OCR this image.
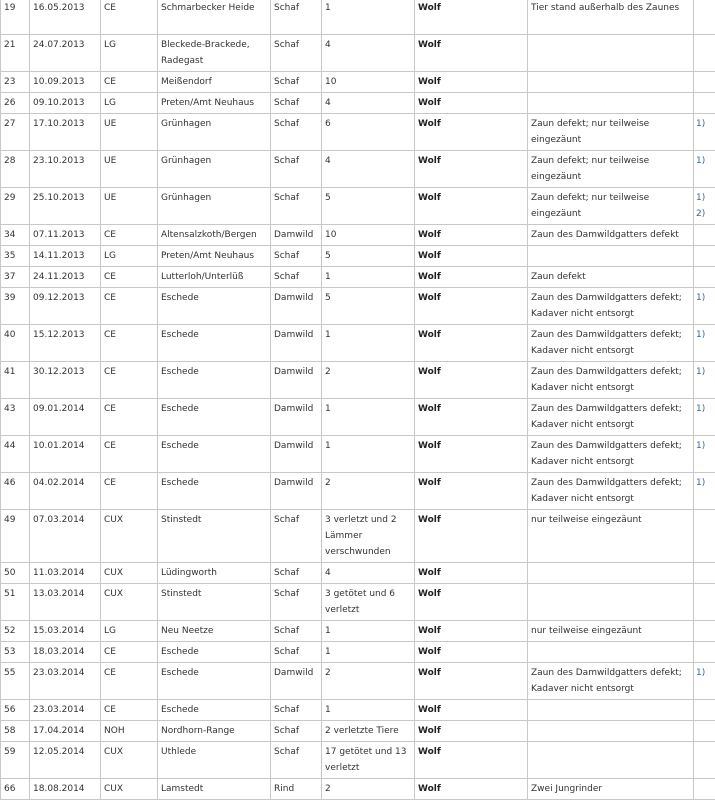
19	16.05.2013	CE	Schmarbecker Heide	Schaf	1	Wolf	Tier stand außerhalb des Zaunes	
21	24.07.2013	LG	Bleckede-Brackede, Radegast	Schaf	4	Wolf		
23	10.09.2013	CE	Meißendorf	Schaf	10	Wolf		
26	09.10.2013	LG	Preten/Amt Neuhaus	Schaf	4	Wolf		
27	17.10.2013	UE	Grünhagen	Schaf	6	Wolf	Zaun defekt; nur teilweise eingezäunt	1)
28	23.10.2013	UE	Grünhagen	Schaf	4	Wolf	Zaun defekt; nur teilweise eingezäunt	1)
29	25.10.2013	UE	Grünhagen	Schaf	5	Wolf	Zaun defekt; nur teilweise eingezäunt	1) 2)
34	07.11.2013	CE	Altensalzkoth/Bergen	Damwild	10	Wolf	Zaun des Damwildgatters defekt	
35	14.11.2013	LG	Preten/Amt Neuhaus	Schaf	5	Wolf		
37	24.11.2013	CE	Lutterloh/Unterlüß	Schaf	1	Wolf	Zaun defekt	
39	09.12.2013	CE	Eschede	Damwild	5	Wolf	Zaun des Damwildgatters defekt; Kadaver nicht entsorgt	1)
40	15.12.2013	CE	Eschede	Damwild	1	Wolf	Zaun des Damwildgatters defekt; Kadaver nicht entsorgt	1)
41	30.12.2013	CE	Eschede	Damwild	2	Wolf	Zaun des Damwildgatters defekt; Kadaver nicht entsorgt	1)
43	09.01.2014	CE	Eschede	Damwild	1	Wolf	Zaun des Damwildgatters defekt; Kadaver nicht entsorgt	1)
44	10.01.2014	CE	Eschede	Damwild	1	Wolf	Zaun des Damwildgatters defekt; Kadaver nicht entsorgt	1)
46	04.02.2014	CE	Eschede	Damwild	2	Wolf	Zaun des Damwildgatters defekt; Kadaver nicht entsorgt	1)
49	07.03.2014	CUX	Stinstedt	Schaf	3 verletzt und 2 Lämmer verschwunden	Wolf	nur teilweise eingezäunt	
50	11.03.2014	CUX	Lüdingworth	Schaf	4	Wolf		
51	13.03.2014	CUX	Stinstedt	Schaf	3 getötet und 6 verletzt	Wolf		
52	15.03.2014	LG	Neu Neetze	Schaf	1	Wolf	nur teilweise eingezäunt	
53	18.03.2014	CE	Eschede	Schaf	1	Wolf		
55	23.03.2014	CE	Eschede	Damwild	2	Wolf	Zaun des Damwildgatters defekt; Kadaver nicht entsorgt	1)
56	23.03.2014	CE	Eschede	Schaf	1	Wolf		
58	17.04.2014	NOH	Nordhorn-Range	Schaf	2 verletzte Tiere	Wolf		
59	12.05.2014	CUX	Uthlede	Schaf	17 getötet und 13 verletzt	Wolf		
66	18.08.2014	CUX	Lamstedt	Rind	2	Wolf	Zwei Jungrinder	
